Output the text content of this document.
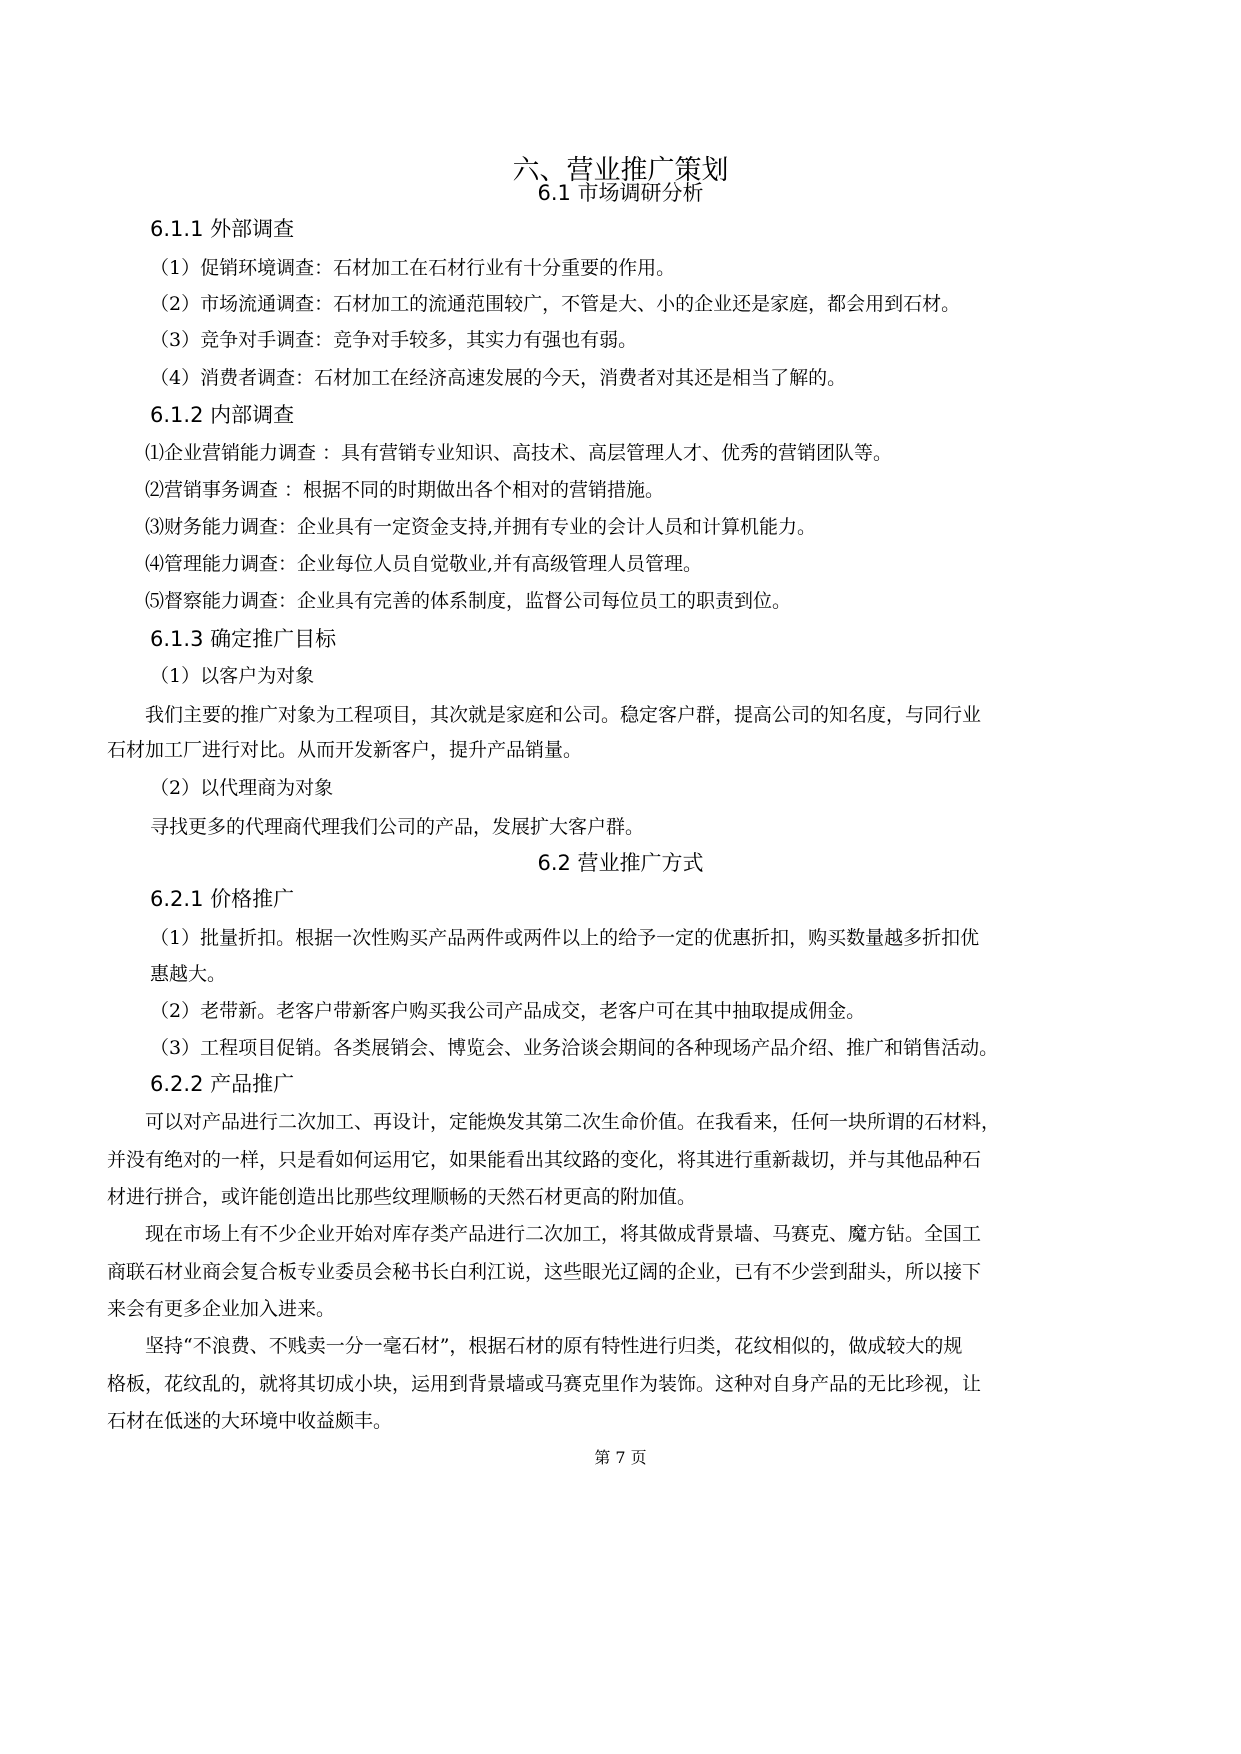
六、营业推广策划
6.1 市场调研分析
6.1.1 外部调查
（1）促销环境调查：石材加工在石材行业有十分重要的作用。
（2）市场流通调查：石材加工的流通范围较广，不管是大、小的企业还是家庭，都会用到石材。
（3）竞争对手调查：竞争对手较多，其实力有强也有弱。
（4）消费者调查：石材加工在经济高速发展的今天，消费者对其还是相当了解的。
6.1.2 内部调查
⑴企业营销能力调查 ：具有营销专业知识、高技术、高层管理人才、优秀的营销团队等。
⑵营销事务调查 ：根据不同的时期做出各个相对的营销措施。
⑶财务能力调查：企业具有一定资金支持,并拥有专业的会计人员和计算机能力。
⑷管理能力调查：企业每位人员自觉敬业,并有高级管理人员管理。
⑸督察能力调查：企业具有完善的体系制度，监督公司每位员工的职责到位。
6.1.3 确定推广目标
（1）以客户为对象
我们主要的推广对象为工程项目，其次就是家庭和公司。稳定客户群，提高公司的知名度，与同行业
石材加工厂进行对比。从而开发新客户，提升产品销量。
（2）以代理商为对象
寻找更多的代理商代理我们公司的产品，发展扩大客户群。
6.2 营业推广方式
6.2.1 价格推广
（1）批量折扣。根据一次性购买产品两件或两件以上的给予一定的优惠折扣，购买数量越多折扣优
惠越大。
（2）老带新。老客户带新客户购买我公司产品成交，老客户可在其中抽取提成佣金。
（3）工程项目促销。各类展销会、博览会、业务洽谈会期间的各种现场产品介绍、推广和销售活动。
6.2.2 产品推广
可以对产品进行二次加工、再设计，定能焕发其第二次生命价值。在我看来，任何一块所谓的石材料，
并没有绝对的一样，只是看如何运用它，如果能看出其纹路的变化，将其进行重新裁切，并与其他品种石
材进行拼合，或许能创造出比那些纹理顺畅的天然石材更高的附加值。
现在市场上有不少企业开始对库存类产品进行二次加工，将其做成背景墙、马赛克、魔方钻。全国工
商联石材业商会复合板专业委员会秘书长白利江说，这些眼光辽阔的企业，已有不少尝到甜头，所以接下
来会有更多企业加入进来。
坚持“不浪费、不贱卖一分一毫石材”，根据石材的原有特性进行归类，花纹相似的，做成较大的规
格板，花纹乱的，就将其切成小块，运用到背景墙或马赛克里作为装饰。这种对自身产品的无比珍视，让
石材在低迷的大环境中收益颇丰。
第 7 页
